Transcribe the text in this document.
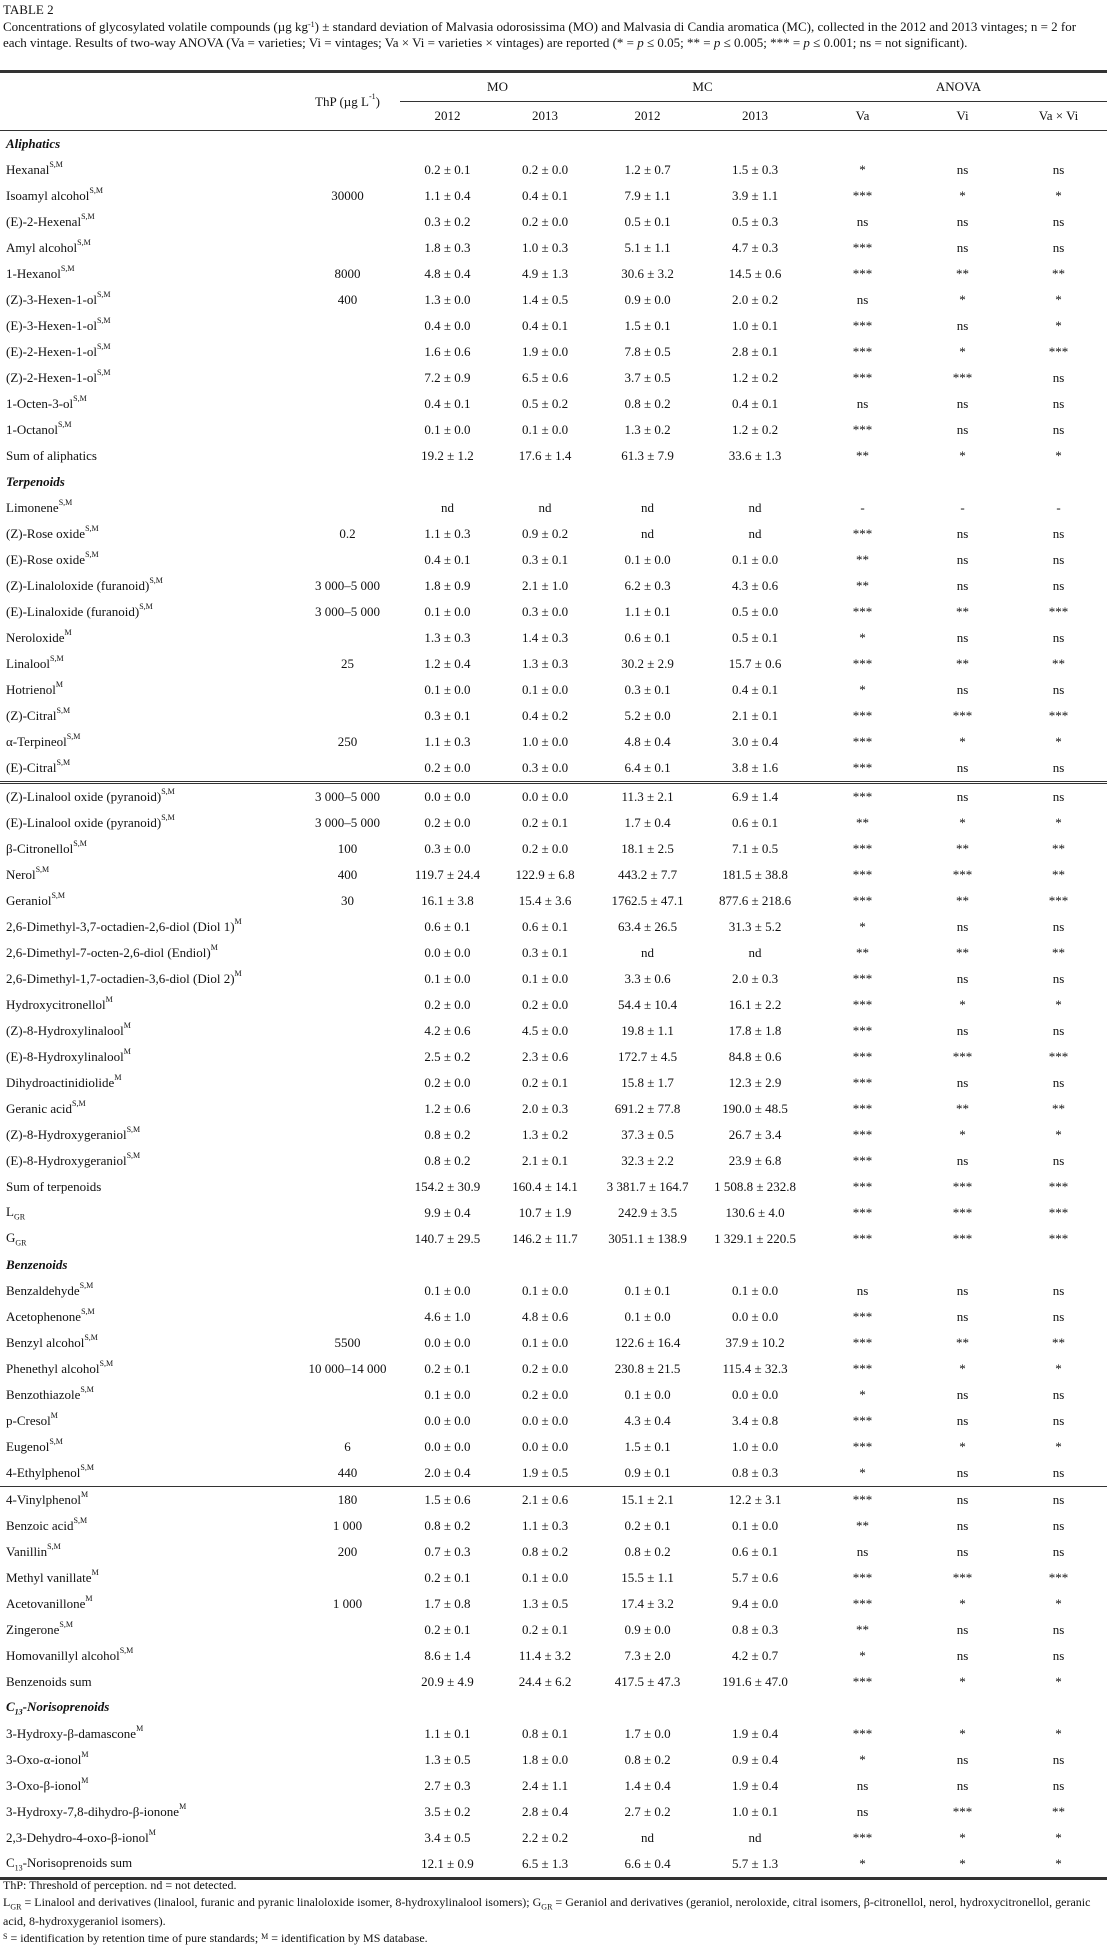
TABLE 2
Concentrations of glycosylated volatile compounds (µg $kg^{-1}$) ± standard deviation of Malvasia odorosissima (MO) and Malvasia di Candia aromatica (MC), collected in the 2012 and 2013 vintages; n = 2 for each vintage. Results of two-way ANOVA (Va = varieties; Vi = vintages; Va × Vi = varieties × vintages) are reported (* = p ≤ 0.05; ** = p ≤ 0.005; *** = p ≤ 0.001; ns = not significant).
	ThP (µg $L^{-1}$)	MO		MC		ANOVA		
		2012	2013	2012	2013	Va	Vi	Va × Vi
Aliphatics								
Hexanal$^{S,M}$		0.2 ± 0.1	0.2 ± 0.0	1.2 ± 0.7	1.5 ± 0.3	*	ns	ns
Isoamyl alcohol$^{S,M}$	30000	1.1 ± 0.4	0.4 ± 0.1	7.9 ± 1.1	3.9 ± 1.1	***	*	*
(E)-2-Hexenal$^{S,M}$		0.3 ± 0.2	0.2 ± 0.0	0.5 ± 0.1	0.5 ± 0.3	ns	ns	ns
Amyl alcohol$^{S,M}$		1.8 ± 0.3	1.0 ± 0.3	5.1 ± 1.1	4.7 ± 0.3	***	ns	ns
1-Hexanol$^{S,M}$	8000	4.8 ± 0.4	4.9 ± 1.3	30.6 ± 3.2	14.5 ± 0.6	***	**	**
$(Z)-3-Hexen-1-ol^{S,M}$	400	1.3 ± 0.0	1.4 ± 0.5	0.9 ± 0.0	2.0 ± 0.2	ns	*	*
$(E)-3-Hexen-1-ol^{S,M}$		0.4 ± 0.0	0.4 ± 0.1	1.5 ± 0.1	1.0 ± 0.1	***	ns	*
$(E)-2-Hexen-1-ol^{S,M}$		1.6 ± 0.6	1.9 ± 0.0	7.8 ± 0.5	2.8 ± 0.1	***	*	***
$(Z)-2-Hexen-1-ol^{S,M}$		7.2 ± 0.9	6.5 ± 0.6	3.7 ± 0.5	1.2 ± 0.2	***	***	ns
$1-Octen-3-ol^{S,M}$		0.4 ± 0.1	0.5 ± 0.2	0.8 ± 0.2	0.4 ± 0.1	ns	ns	ns
1-Octanol$^{S,M}$		0.1 ± 0.0	0.1 ± 0.0	1.3 ± 0.2	1.2 ± 0.2	***	ns	ns
Sum of aliphatics		19.2 ± 1.2	17.6 ± 1.4	61.3 ± 7.9	33.6 ± 1.3	**	*	*
Terpenoids								
Limonene$^{S,M}$		nd	nd	nd	nd	-	-	-
(Z)-Rose oxide$^{S,M}$	0.2	1.1 ± 0.3	0.9 ± 0.2	nd	nd	***	ns	ns
(E)-Rose oxide$^{S,M}$		0.4 ± 0.1	0.3 ± 0.1	0.1 ± 0.0	0.1 ± 0.0	**	ns	ns
(Z)-Linaloloxide (furanoid)$^{S,M}$	3 000–5 000	1.8 ± 0.9	2.1 ± 1.0	6.2 ± 0.3	4.3 ± 0.6	**	ns	ns
(E)-Linaloxide (furanoid)$^{S,M}$	3 000–5 000	0.1 ± 0.0	0.3 ± 0.0	1.1 ± 0.1	0.5 ± 0.0	***	**	***
Neroloxide$^M$		1.3 ± 0.3	1.4 ± 0.3	0.6 ± 0.1	0.5 ± 0.1	*	ns	ns
Linalool$^{S,M}$	25	1.2 ± 0.4	1.3 ± 0.3	30.2 ± 2.9	15.7 ± 0.6	***	**	**
Hotrienol$^M$		0.1 ± 0.0	0.1 ± 0.0	0.3 ± 0.1	0.4 ± 0.1	*	ns	ns
(Z)-Citral$^{S,M}$		0.3 ± 0.1	0.4 ± 0.2	5.2 ± 0.0	2.1 ± 0.1	***	***	***
α-Terpineol$^{S,M}$	250	1.1 ± 0.3	1.0 ± 0.0	4.8 ± 0.4	3.0 ± 0.4	***	*	*
(E)-Citral$^{S,M}$		0.2 ± 0.0	0.3 ± 0.0	6.4 ± 0.1	3.8 ± 1.6	***	ns	ns
(Z)-Linalool oxide (pyranoid)$^{S,M}$	3 000–5 000	0.0 ± 0.0	0.0 ± 0.0	11.3 ± 2.1	6.9 ± 1.4	***	ns	ns
(E)-Linalool oxide (pyranoid)$^{S,M}$	3 000–5 000	0.2 ± 0.0	0.2 ± 0.1	1.7 ± 0.4	0.6 ± 0.1	**	*	*
β-Citronellol$^{S,M}$	100	0.3 ± 0.0	0.2 ± 0.0	18.1 ± 2.5	7.1 ± 0.5	***	**	**
Nerol$^{S,M}$	400	119.7 ± 24.4	122.9 ± 6.8	443.2 ± 7.7	181.5 ± 38.8	***	***	**
Geraniol$^{S,M}$	30	16.1 ± 3.8	15.4 ± 3.6	1762.5 ± 47.1	877.6 ± 218.6	***	**	***
2,6-Dimethyl-3,7-octadien-2,6-diol (Diol 1)$^M$		0.6 ± 0.1	0.6 ± 0.1	63.4 ± 26.5	31.3 ± 5.2	*	ns	ns
2,6-Dimethyl-7-octen-2,6-diol (Endiol)$^M$		0.0 ± 0.0	0.3 ± 0.1	nd	nd	**	**	**
2,6-Dimethyl-1,7-octadien-3,6-diol (Diol 2)$^M$		0.1 ± 0.0	0.1 ± 0.0	3.3 ± 0.6	2.0 ± 0.3	***	ns	ns
Hydroxycitronellol$^M$		0.2 ± 0.0	0.2 ± 0.0	54.4 ± 10.4	16.1 ± 2.2	***	*	*
(Z)-8-Hydroxylinalool$^M$		4.2 ± 0.6	4.5 ± 0.0	19.8 ± 1.1	17.8 ± 1.8	***	ns	ns
(E)-8-Hydroxylinalool$^M$		2.5 ± 0.2	2.3 ± 0.6	172.7 ± 4.5	84.8 ± 0.6	***	***	***
Dihydroactinidiolide$^M$		0.2 ± 0.0	0.2 ± 0.1	15.8 ± 1.7	12.3 ± 2.9	***	ns	ns
Geranic acid$^{S,M}$		1.2 ± 0.6	2.0 ± 0.3	691.2 ± 77.8	190.0 ± 48.5	***	**	**
(Z)-8-Hydroxygeraniol$^{S,M}$		0.8 ± 0.2	1.3 ± 0.2	37.3 ± 0.5	26.7 ± 3.4	***	*	*
(E)-8-Hydroxygeraniol$^{S,M}$		0.8 ± 0.2	2.1 ± 0.1	32.3 ± 2.2	23.9 ± 6.8	***	ns	ns
Sum of terpenoids		154.2 ± 30.9	160.4 ± 14.1	3 381.7 ± 164.7	1 508.8 ± 232.8	***	***	***
$L_{GR}$		9.9 ± 0.4	10.7 ± 1.9	242.9 ± 3.5	130.6 ± 4.0	***	***	***
$G_{GR}$		140.7 ± 29.5	146.2 ± 11.7	3051.1 ± 138.9	1 329.1 ± 220.5	***	***	***
Benzenoids								
Benzaldehyde$^{S,M}$		0.1 ± 0.0	0.1 ± 0.0	0.1 ± 0.1	0.1 ± 0.0	ns	ns	ns
Acetophenone$^{S,M}$		4.6 ± 1.0	4.8 ± 0.6	0.1 ± 0.0	0.0 ± 0.0	***	ns	ns
Benzyl alcohol$^{S,M}$	5500	0.0 ± 0.0	0.1 ± 0.0	122.6 ± 16.4	37.9 ± 10.2	***	**	**
Phenethyl alcohol$^{S,M}$	10 000–14 000	0.2 ± 0.1	0.2 ± 0.0	230.8 ± 21.5	115.4 ± 32.3	***	*	*
Benzothiazole$^{S,M}$		0.1 ± 0.0	0.2 ± 0.0	0.1 ± 0.0	0.0 ± 0.0	*	ns	ns
p-Cresol$^M$		0.0 ± 0.0	0.0 ± 0.0	4.3 ± 0.4	3.4 ± 0.8	***	ns	ns
Eugenol$^{S,M}$	6	0.0 ± 0.0	0.0 ± 0.0	1.5 ± 0.1	1.0 ± 0.0	***	*	*
4-Ethylphenol$^{S,M}$	440	2.0 ± 0.4	1.9 ± 0.5	0.9 ± 0.1	0.8 ± 0.3	*	ns	ns
4-Vinylphenol$^M$	180	1.5 ± 0.6	2.1 ± 0.6	15.1 ± 2.1	12.2 ± 3.1	***	ns	ns
Benzoic acid$^{S,M}$	1 000	0.8 ± 0.2	1.1 ± 0.3	0.2 ± 0.1	0.1 ± 0.0	**	ns	ns
Vanillin$^{S,M}$	200	0.7 ± 0.3	0.8 ± 0.2	0.8 ± 0.2	0.6 ± 0.1	ns	ns	ns
Methyl vanillate$^M$		0.2 ± 0.1	0.1 ± 0.0	15.5 ± 1.1	5.7 ± 0.6	***	***	***
Acetovanillone$^M$	1 000	1.7 ± 0.8	1.3 ± 0.5	17.4 ± 3.2	9.4 ± 0.0	***	*	*
Zingerone$^{S,M}$		0.2 ± 0.1	0.2 ± 0.1	0.9 ± 0.0	0.8 ± 0.3	**	ns	ns
Homovanillyl alcohol$^{S,M}$		8.6 ± 1.4	11.4 ± 3.2	7.3 ± 2.0	4.2 ± 0.7	*	ns	ns
Benzenoids sum		20.9 ± 4.9	24.4 ± 6.2	417.5 ± 47.3	191.6 ± 47.0	***	*	*
$C_{13}$-Norisoprenoids								
3-Hydroxy-β-damascone$^M$		1.1 ± 0.1	0.8 ± 0.1	1.7 ± 0.0	1.9 ± 0.4	***	*	*
3-Oxo-α-ionol$^M$		1.3 ± 0.5	1.8 ± 0.0	0.8 ± 0.2	0.9 ± 0.4	*	ns	ns
3-Oxo-β-ionol$^M$		2.7 ± 0.3	2.4 ± 1.1	1.4 ± 0.4	1.9 ± 0.4	ns	ns	ns
3-Hydroxy-7,8-dihydro-β-ionone$^M$		3.5 ± 0.2	2.8 ± 0.4	2.7 ± 0.2	1.0 ± 0.1	ns	***	**
2,3-Dehydro-4-oxo-β-ionol$^M$		3.4 ± 0.5	2.2 ± 0.2	nd	nd	***	*	*
$C_{13}$-Norisoprenoids sum		12.1 ± 0.9	6.5 ± 1.3	6.6 ± 0.4	5.7 ± 1.3	*	*	*

ThP: Threshold of perception. nd = not detected.

$L_{GR}$ = Linalool and derivatives (linalool, furanic and pyranic linaloloxide isomer, 8-hydroxylinalool isomers); $G_{GR}$ = Geraniol and derivatives (geraniol, neroloxide, citral isomers, β-citronellol, nerol, hydroxycitronellol, geranic acid, 8-hydroxygeraniol isomers).

$^S$ = identification by retention time of pure standards; $^M$ = identification by MS database.
